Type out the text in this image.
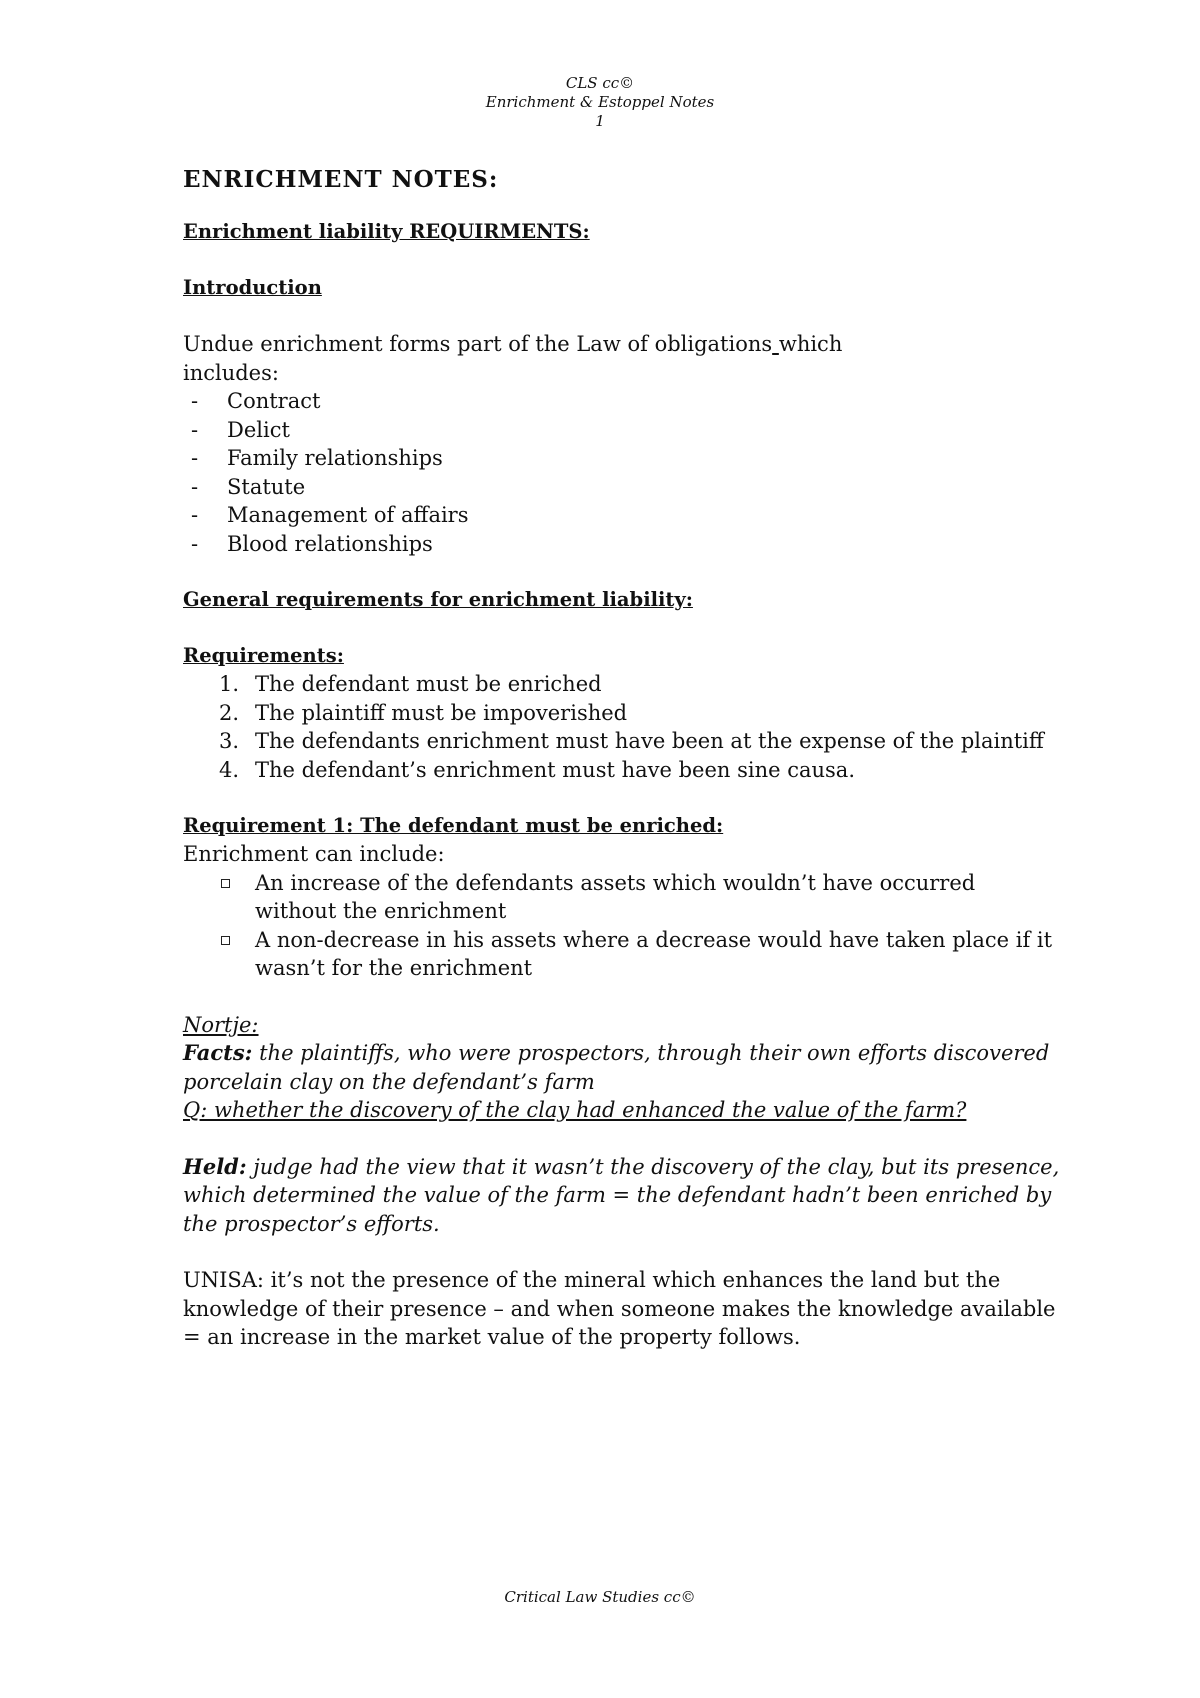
CLS cc©
Enrichment & Estoppel Notes
1

ENRICHMENT NOTES:

Enrichment liability REQUIRMENTS:

Introduction

Undue enrichment forms part of the Law of obligations which
includes:

- Contract
- Delict
- Family relationships
- Statute
- Management of affairs
- Blood relationships

General requirements for enrichment liability:

Requirements:

1. The defendant must be enriched
2. The plaintiff must be impoverished
3. The defendants enrichment must have been at the expense of the plaintiff
4. The defendant’s enrichment must have been sine causa.

Requirement 1: The defendant must be enriched:

Enrichment can include:

An increase of the defendants assets which wouldn’t have occurred without the enrichment
A non-decrease in his assets where a decrease would have taken place if it wasn’t for the enrichment

Nortje:

Facts: the plaintiffs, who were prospectors, through their own efforts discovered porcelain clay on the defendant’s farm

Q: whether the discovery of the clay had enhanced the value of the farm?

Held: judge had the view that it wasn’t the discovery of the clay, but its presence, which determined the value of the farm = the defendant hadn’t been enriched by the prospector’s efforts.

UNISA: it’s not the presence of the mineral which enhances the land but the knowledge of their presence – and when someone makes the knowledge available = an increase in the market value of the property follows.

Critical Law Studies cc©
